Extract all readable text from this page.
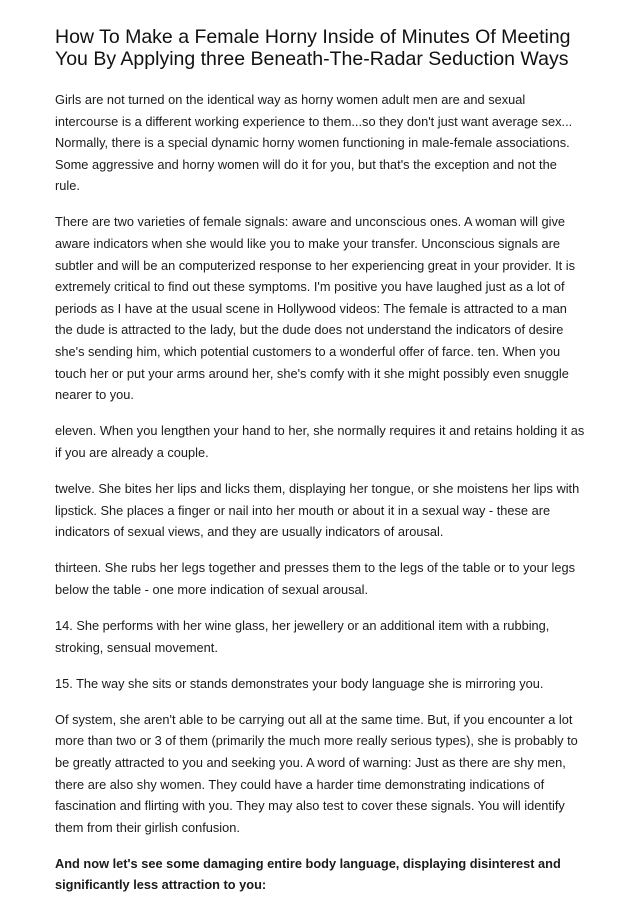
How To Make a Female Horny Inside of Minutes Of Meeting You By Applying three Beneath-The-Radar Seduction Ways

Girls are not turned on the identical way as horny women adult men are and sexual intercourse is a different working experience to them...so they don't just want average sex... Normally, there is a special dynamic horny women functioning in male-female associations. Some aggressive and horny women will do it for you, but that's the exception and not the rule.

There are two varieties of female signals: aware and unconscious ones. A woman will give aware indicators when she would like you to make your transfer. Unconscious signals are subtler and will be an computerized response to her experiencing great in your provider. It is extremely critical to find out these symptoms. I'm positive you have laughed just as a lot of periods as I have at the usual scene in Hollywood videos: The female is attracted to a man the dude is attracted to the lady, but the dude does not understand the indicators of desire she's sending him, which potential customers to a wonderful offer of farce. ten. When you touch her or put your arms around her, she's comfy with it she might possibly even snuggle nearer to you.

eleven. When you lengthen your hand to her, she normally requires it and retains holding it as if you are already a couple.

twelve. She bites her lips and licks them, displaying her tongue, or she moistens her lips with lipstick. She places a finger or nail into her mouth or about it in a sexual way - these are indicators of sexual views, and they are usually indicators of arousal.

thirteen. She rubs her legs together and presses them to the legs of the table or to your legs below the table - one more indication of sexual arousal.

14. She performs with her wine glass, her jewellery or an additional item with a rubbing, stroking, sensual movement.

15. The way she sits or stands demonstrates your body language she is mirroring you.

Of system, she aren't able to be carrying out all at the same time. But, if you encounter a lot more than two or 3 of them (primarily the much more really serious types), she is probably to be greatly attracted to you and seeking you. A word of warning: Just as there are shy men, there are also shy women. They could have a harder time demonstrating indications of fascination and flirting with you. They may also test to cover these signals. You will identify them from their girlish confusion.

And now let's see some damaging entire body language, displaying disinterest and significantly less attraction to you:
